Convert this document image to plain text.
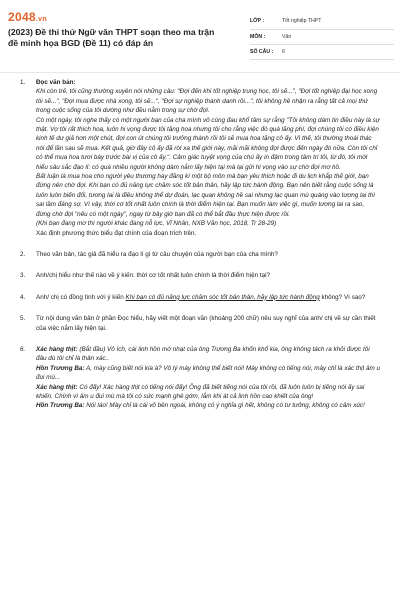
2048.vn
(2023) Đề thi thử Ngữ văn THPT soạn theo ma trận đề minh họa BGD (Đề 11) có đáp án
LỚP :	Tốt nghiệp THPT
MÔN :	Văn
SỐ CÂU :	6
1. Đọc văn bản:

Khi còn trẻ, tôi cũng thường xuyên nói những câu: "Đợi đến khi tốt nghiệp trung học, tôi sẽ...", "Đợi tốt nghiệp đại học xong tôi sẽ...", "Đợi mua được nhà xong, tôi sẽ...", "Đợi sự nghiệp thành danh rồi...", tôi không hề nhận ra rằng tất cả mọi thứ trong cuộc sống của tôi dường như đều nằm trong sự chờ đợi.

Có một ngày, tôi nghe thấy có một người bạn của cha mình vô cùng đau khổ tâm sự rằng "Tôi không dám tin điều này là sự thật. Vợ tôi rất thích hoa, luôn hi vọng được tôi tặng hoa nhưng tôi cho rằng việc đó quá lãng phí, đợi chúng tôi có điều kiện kinh tế dư giả hơn một chút, đợi con út chúng tôi trưởng thành rồi tôi sẽ mua hoa tặng cô ấy. Vì thế, tôi thường thoái thác nói để lần sau sẽ mua. Kết quả, giờ đây cô ấy đã rời xa thế giới này, mãi mãi không đợi được đến ngày đó nữa. Còn tôi chỉ có thể mua hoa tươi bày trước bài vị của cô ấy.". Cảm giác tuyệt vọng của chú ấy in đậm trong tâm trí tôi, từ đó, tôi mới hiểu sâu sắc đạo lí: có quá nhiều người không dám nắm lấy hiện tại mà lại gửi hi vọng vào sự chờ đợi mơ hồ.

Bất luận là mua hoa cho người yêu thương hay đăng kí một bộ môn mà bạn yêu thích hoặc đi du lịch khắp thế giới, bạn đừng nên chờ đợi. Khi bạn có đủ năng lực chăm sóc tốt bản thân, hãy lập tức hành động. Bạn nên biết rằng cuộc sống là luôn luôn biến đổi, tương lai là điều không thể dự đoán, lạc quan không hề sai nhưng lạc quan mù quáng vào tương lai thì sai lầm đáng sợ. Vì vậy, thời cơ tốt nhất luôn chính là thời điểm hiện tại. Bạn muốn làm việc gì, muốn tương lai ra sao, đừng chờ đợi "nếu có một ngày", ngay từ bây giờ bạn đã có thể bắt đầu thực hiện được rồi.

(Khi bạn đang mơ thì người khác đang nỗ lực, Vĩ Nhân, NXB Văn học, 2018, Tr 28-29)

Xác định phương thức biểu đạt chính của đoạn trích trên.

2. Theo văn bản, tác giả đã hiểu ra đạo lí gì từ câu chuyện của người bạn của cha mình?
3. Anh/chị hiểu như thế nào về ý kiến: thời cơ tốt nhất luôn chính là thời điểm hiện tại?
4. Anh/ chị có đồng tình với ý kiến Khi bạn có đủ năng lực chăm sóc tốt bản thân, hãy lập tức hành động không? Vì sao?
5. Từ nội dung văn bản ở phần Đọc hiểu, hãy viết một đoạn văn (khoảng 200 chữ) nêu suy nghĩ của anh/ chị về sự cần thiết của việc nắm lấy hiện tại.
6. Xác hàng thịt: (Bắt đầu) Vô ích, cái linh hồn mờ nhạt của ông Trương Ba khốn khổ kia, ông không tách ra khỏi được tôi đâu dù tôi chỉ là thân xác..
Hồn Trương Ba: A, mày cũng biết nói kia à? Vô lý mày không thể biết nói! Mày không có tiếng nói, mày chỉ là xác thịt âm u đui mù...
Xác hàng thịt: Có đấy! Xác hàng thịt có tiếng nói đấy! Ông đã biết tiếng nói của tôi rồi, đã luôn luôn bị tiếng nói ấy sai khiến. Chính vì âm u đui mù mà tôi có sức mạnh ghê gớm, lắm khi át cả linh hồn cao khiết của ông!
Hồn Trương Ba: Nói láo! Mày chỉ là cái vỏ bên ngoài, không có ý nghĩa gì hết, không có tư tưởng, không có cảm xúc!
